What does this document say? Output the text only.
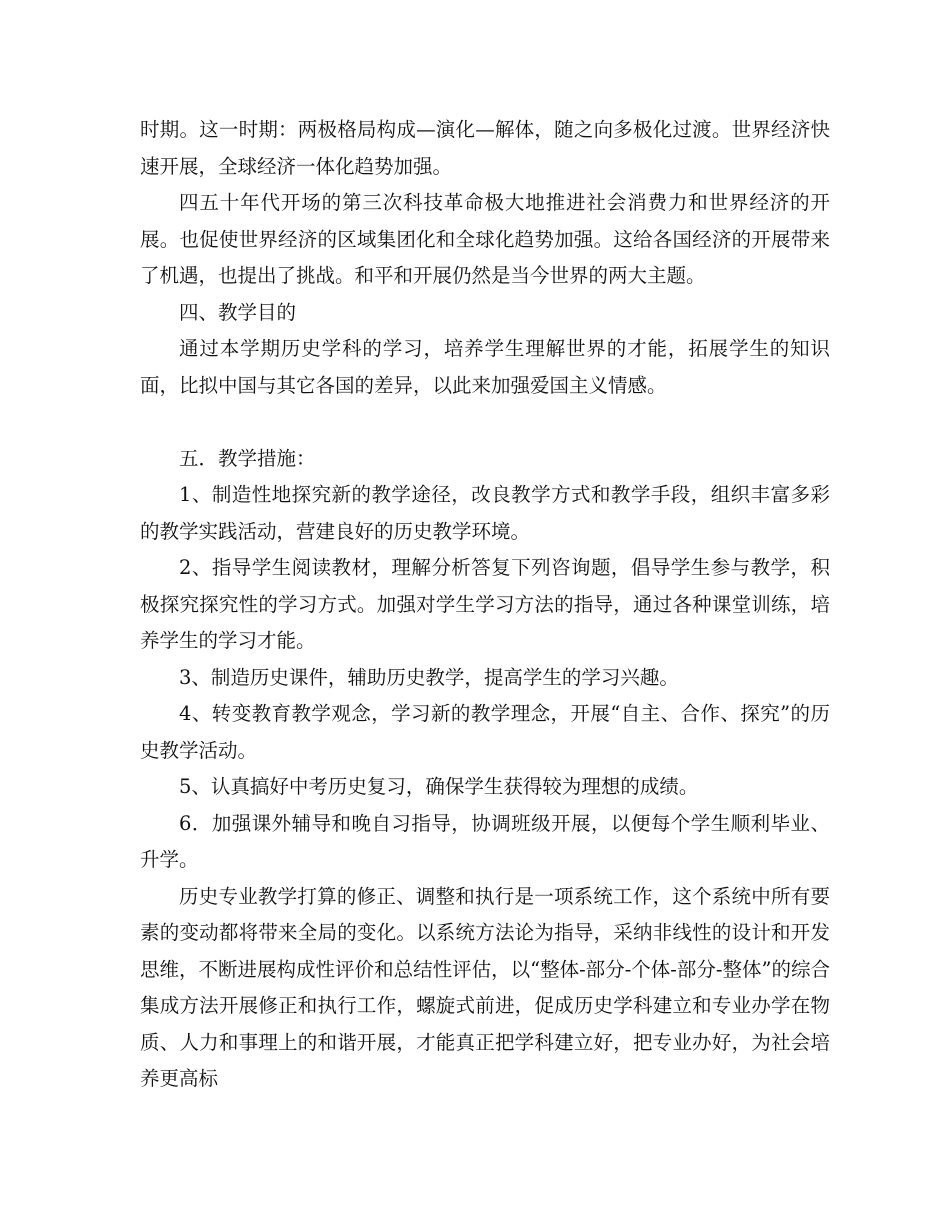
时期。这一时期：两极格局构成—演化—解体，随之向多极化过渡。世界经济快速开展，全球经济一体化趋势加强。

四五十年代开场的第三次科技革命极大地推进社会消费力和世界经济的开展。也促使世界经济的区域集团化和全球化趋势加强。这给各国经济的开展带来了机遇，也提出了挑战。和平和开展仍然是当今世界的两大主题。

四、教学目的

通过本学期历史学科的学习，培养学生理解世界的才能，拓展学生的知识面，比拟中国与其它各国的差异，以此来加强爱国主义情感。

五．教学措施：

1、制造性地探究新的教学途径，改良教学方式和教学手段，组织丰富多彩的教学实践活动，营建良好的历史教学环境。

2、指导学生阅读教材，理解分析答复下列咨询题，倡导学生参与教学，积极探究探究性的学习方式。加强对学生学习方法的指导，通过各种课堂训练，培养学生的学习才能。

3、制造历史课件，辅助历史教学，提高学生的学习兴趣。

4、转变教育教学观念，学习新的教学理念，开展“自主、合作、探究”的历史教学活动。

5、认真搞好中考历史复习，确保学生获得较为理想的成绩。

6．加强课外辅导和晚自习指导，协调班级开展，以便每个学生顺利毕业、升学。

历史专业教学打算的修正、调整和执行是一项系统工作，这个系统中所有要素的变动都将带来全局的变化。以系统方法论为指导，采纳非线性的设计和开发思维，不断进展构成性评价和总结性评估，以“整体-部分-个体-部分-整体”的综合集成方法开展修正和执行工作，螺旋式前进，促成历史学科建立和专业办学在物质、人力和事理上的和谐开展，才能真正把学科建立好，把专业办好，为社会培养更高标
